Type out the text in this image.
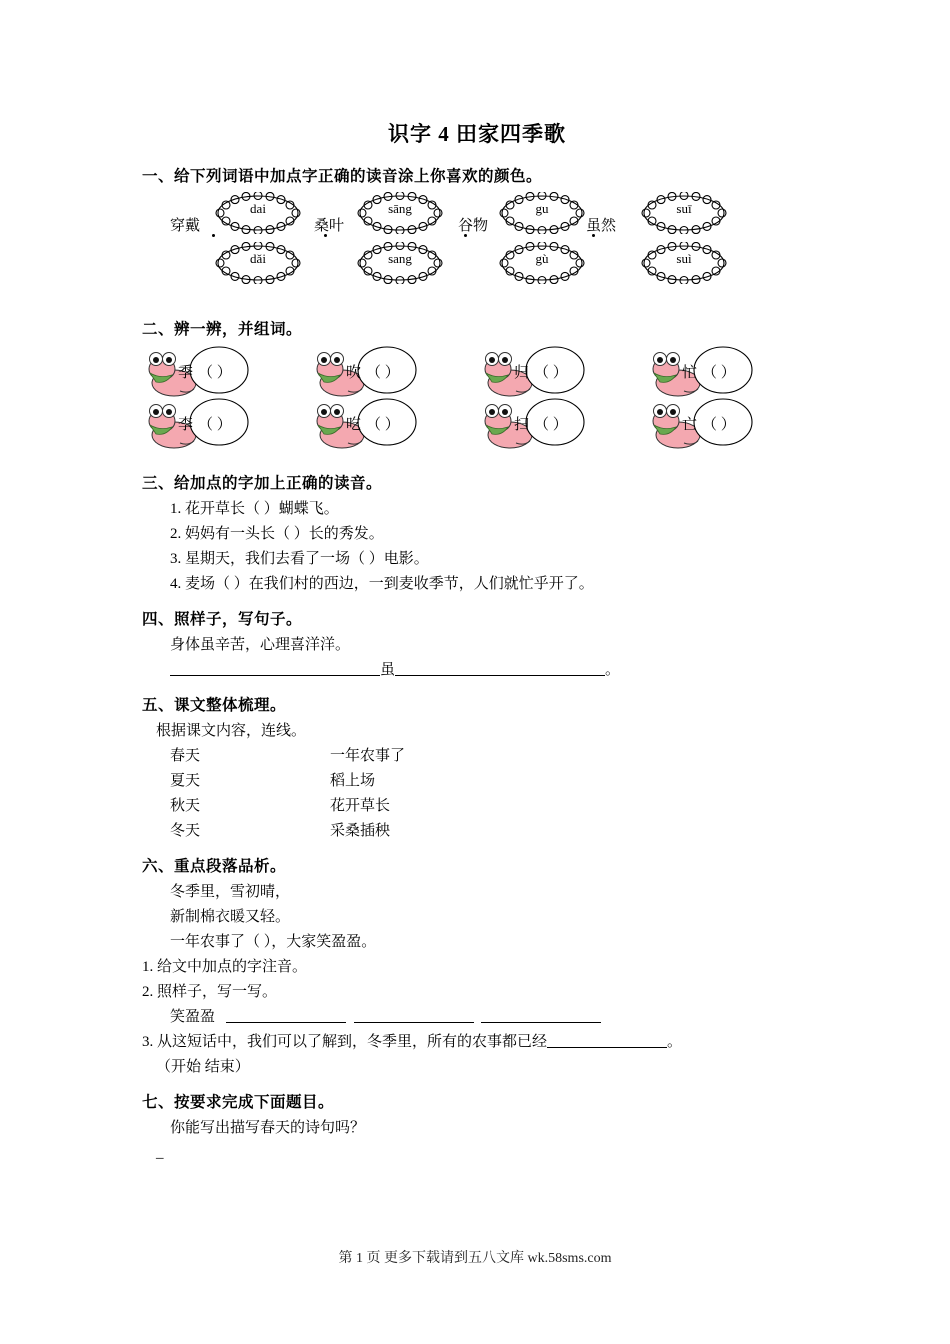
识字 4 田家四季歌
一、给下列词语中加点字正确的读音涂上你喜欢的颜色。
穿戴
dai
dǎi
桑叶
sāng
sang
谷物
gu
gù
虽然
suī
suì
二、辨一辨，并组词。
季 （ ）	吹 （ ）	归 （ ）	忙 （ ）
李 （ ）	吃 （ ）	扫 （ ）	亡 （ ）
三、给加点的字加上正确的读音。

1. 花开草长（ ）蝴蝶飞。

2. 妈妈有一头长（ ）长的秀发。

3. 星期天，我们去看了一场（ ）电影。

4. 麦场（ ）在我们村的西边，一到麦收季节，人们就忙乎开了。

四、照样子，写句子。

身体虽辛苦，心理喜洋洋。

虽	。

五、课文整体梳理。

根据课文内容，连线。

春天	一年农事了
夏天	稻上场
秋天	花开草长
冬天	采桑插秧
六、重点段落品析。

冬季里，雪初晴，

新制棉衣暖又轻。

一年农事了（ ），大家笑盈盈。

1. 给文中加点的字注音。

2. 照样子，写一写。

笑盈盈

3. 从这短话中，我们可以了解到，冬季里，所有的农事都已经	。

（开始 结束）

七、按要求完成下面题目。

你能写出描写春天的诗句吗？

_

第 1 页 更多下载请到五八文库 wk.58sms.com
